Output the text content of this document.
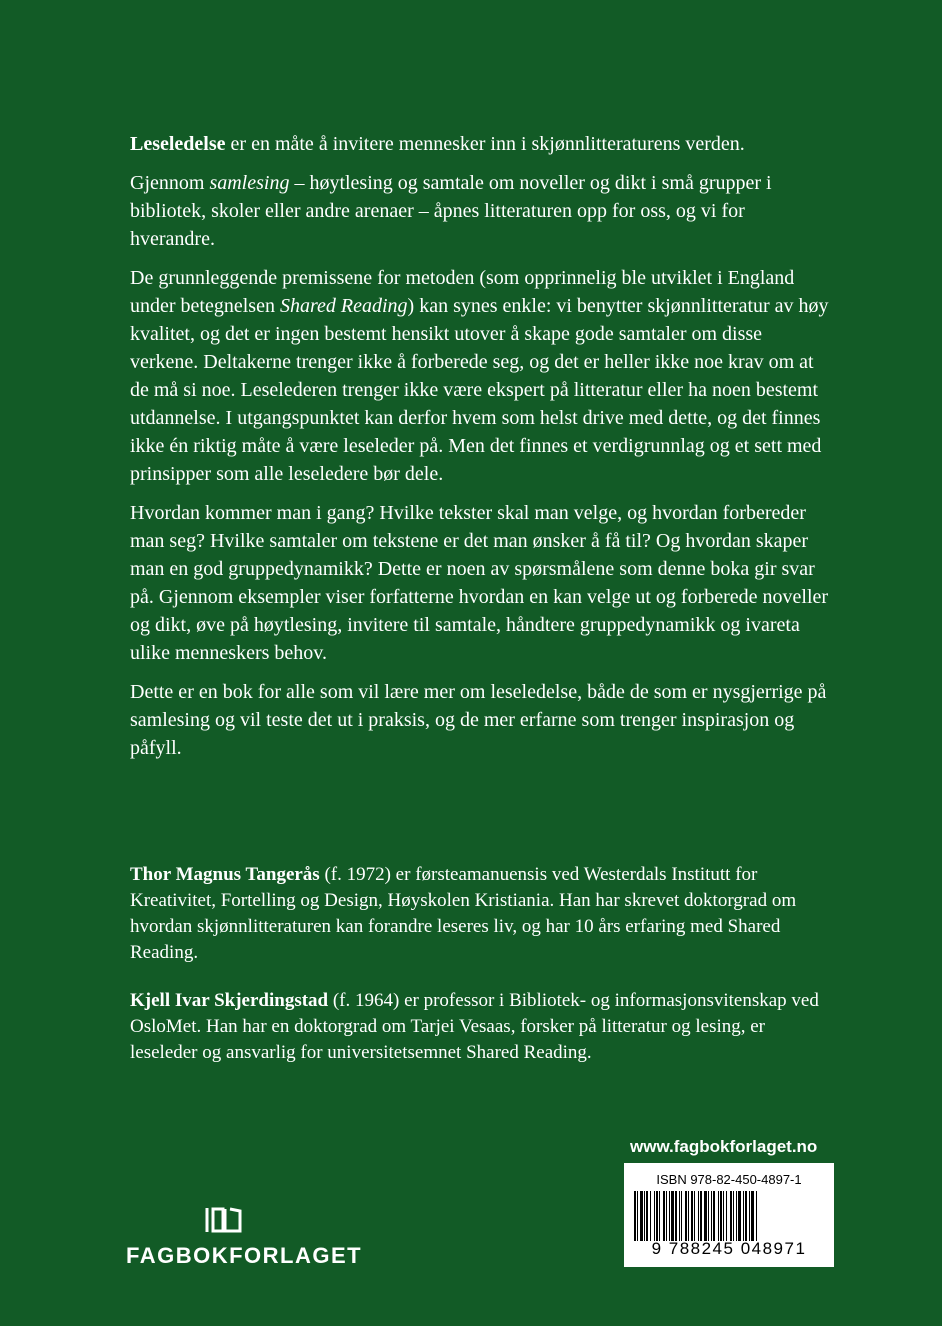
Leseledelse er en måte å invitere mennesker inn i skjønnlitteraturens verden.

Gjennom samlesing – høytlesing og samtale om noveller og dikt i små grupper i bibliotek, skoler eller andre arenaer – åpnes litteraturen opp for oss, og vi for hverandre.

De grunnleggende premissene for metoden (som opprinnelig ble utviklet i England under betegnelsen Shared Reading) kan synes enkle: vi benytter skjønnlitteratur av høy kvalitet, og det er ingen bestemt hensikt utover å skape gode samtaler om disse verkene. Deltakerne trenger ikke å forberede seg, og det er heller ikke noe krav om at de må si noe. Leselederen trenger ikke være ekspert på litteratur eller ha noen bestemt utdannelse. I utgangspunktet kan derfor hvem som helst drive med dette, og det finnes ikke én riktig måte å være leseleder på. Men det finnes et verdigrunnlag og et sett med prinsipper som alle leseledere bør dele.

Hvordan kommer man i gang? Hvilke tekster skal man velge, og hvordan forbereder man seg? Hvilke samtaler om tekstene er det man ønsker å få til? Og hvordan skaper man en god gruppedynamikk? Dette er noen av spørsmålene som denne boka gir svar på. Gjennom eksempler viser forfatterne hvordan en kan velge ut og forberede noveller og dikt, øve på høytlesing, invitere til samtale, håndtere gruppedynamikk og ivareta ulike menneskers behov.

Dette er en bok for alle som vil lære mer om leseledelse, både de som er nysgjerrige på samlesing og vil teste det ut i praksis, og de mer erfarne som trenger inspirasjon og påfyll.

Thor Magnus Tangerås (f. 1972) er førsteamanuensis ved Westerdals Institutt for Kreativitet, Fortelling og Design, Høyskolen Kristiania. Han har skrevet doktorgrad om hvordan skjønnlitteraturen kan forandre leseres liv, og har 10 års erfaring med Shared Reading.

Kjell Ivar Skjerdingstad (f. 1964) er professor i Bibliotek- og informasjonsvitenskap ved OsloMet. Han har en doktorgrad om Tarjei Vesaas, forsker på litteratur og lesing, er leseleder og ansvarlig for universitetsemnet Shared Reading.

www.fagbokforlaget.no
ISBN 978-82-450-4897-1
9 788245 048971
FAGBOKFORLAGET
